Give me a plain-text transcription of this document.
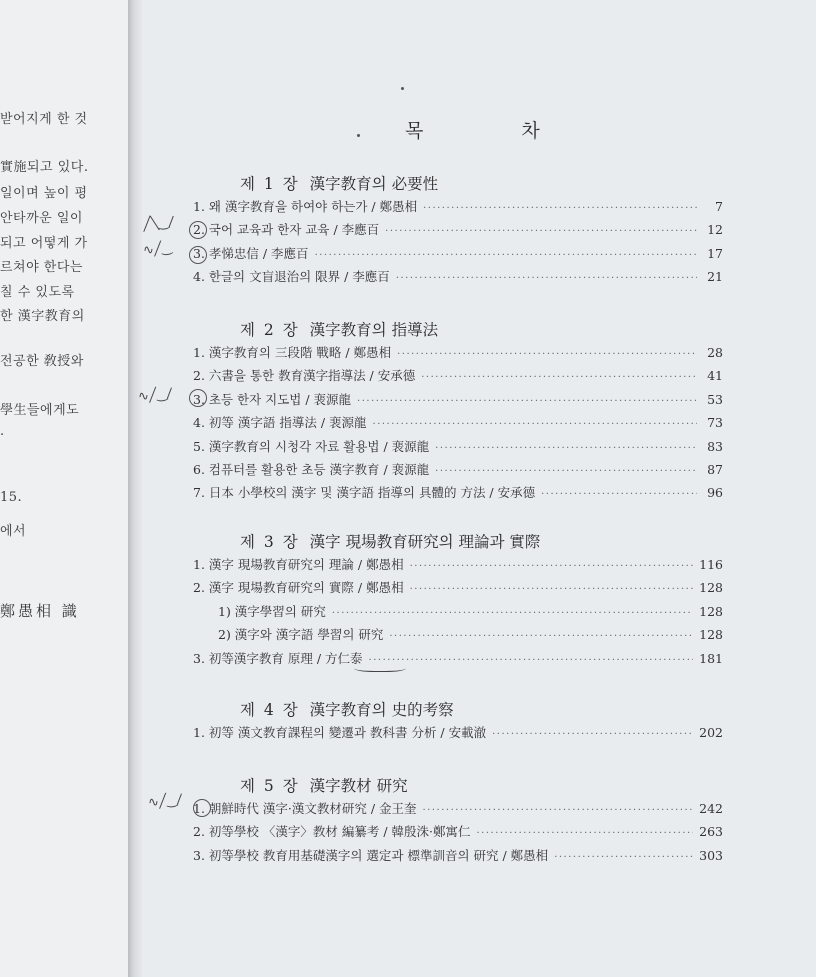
받어지게 한 것
實施되고 있다.
일이며 높이 평
안타까운 일이
되고 어떻게 가
르쳐야 한다는
칠 수 있도록
한 漢字教育의
전공한 敎授와
學生들에게도
.
15.
에서
鄭愚相 識
목 차
제 1 장 漢字教育의 必要性
1. 왜 漢字教育을 하여야 하는가 / 鄭愚相 ·····	7
2. 국어 교육과 한자 교육 / 李應百 ·····	12
3. 孝悌忠信 / 李應百 ·····	17
4. 한글의 文盲退治의 限界 / 李應百 ·····	21
제 2 장 漢字教育의 指導法
1. 漢字教育의 三段階 戰略 / 鄭愚相 ·····	28
2. 六書을 통한 教育漢字指導法 / 安承德 ·····	41
3. 초등 한자 지도법 / 裵源龍 ·····	53
4. 初等 漢字語 指導法 / 裵源龍 ·····	73
5. 漢字教育의 시청각 자료 활용법 / 裵源龍 ·····	83
6. 컴퓨터를 활용한 초등 漢字教育 / 裵源龍 ·····	87
7. 日本 小學校의 漢字 및 漢字語 指導의 具體的 方法 / 安承德 ·····	96
제 3 장 漢字 現場教育研究의 理論과 實際
1. 漢字 現場教育研究의 理論 / 鄭愚相 ·····	116
2. 漢字 現場教育研究의 實際 / 鄭愚相 ·····	128
1) 漢字學習의 研究 ·····	128
2) 漢字와 漢字語 學習의 研究 ·····	128
3. 初等漢字教育 原理 / 方仁泰 ·····	181
제 4 장 漢字教育의 史的考察
1. 初等 漢文教育課程의 變遷과 教科書 分析 / 安載澈 ·····	202
제 5 장 漢字教材 研究
1. 朝鮮時代 漢字·漢文教材研究 / 金王奎 ·····	242
2. 初等學校 〈漢字〉教材 編纂考 / 韓殷洙·鄭寓仁 ·····	263
3. 初等學校 教育用基礎漢字의 選定과 標準訓音의 研究 / 鄭愚相 ·····	303
╱╲‿∕
∿╱‿
∿╱‿∕
∿╱‿∕
